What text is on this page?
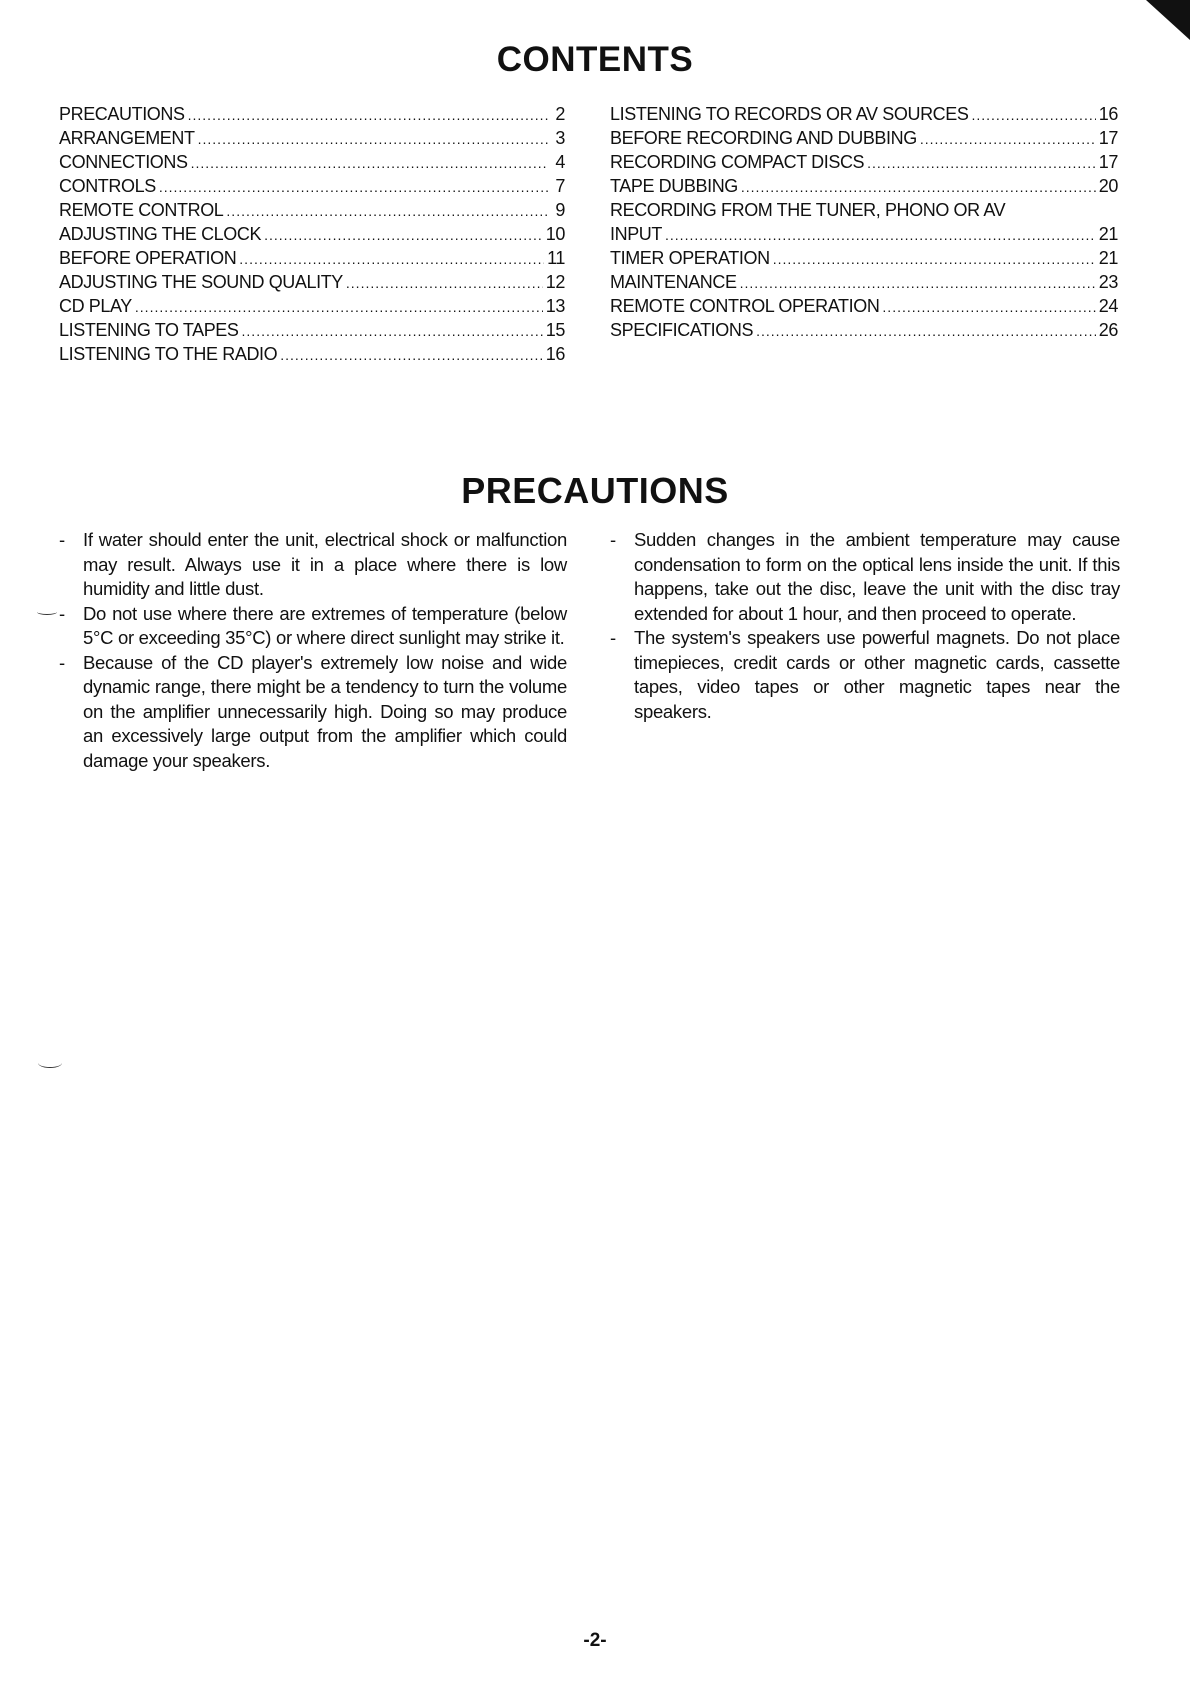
CONTENTS
PRECAUTIONS .....	2
ARRANGEMENT .....	3
CONNECTIONS .....	4
CONTROLS .....	7
REMOTE CONTROL .....	9
ADJUSTING THE CLOCK .....	10
BEFORE OPERATION .....	11
ADJUSTING THE SOUND QUALITY .....	12
CD PLAY .....	13
LISTENING TO TAPES .....	15
LISTENING TO THE RADIO .....	16
LISTENING TO RECORDS OR AV SOURCES .....	16
BEFORE RECORDING AND DUBBING .....	17
RECORDING COMPACT DISCS .....	17
TAPE DUBBING .....	20
RECORDING FROM THE TUNER, PHONO OR AV
INPUT .....	21
TIMER OPERATION .....	21
MAINTENANCE .....	23
REMOTE CONTROL OPERATION .....	24
SPECIFICATIONS .....	26
PRECAUTIONS
- If water should enter the unit, electrical shock or malfunction may result. Always use it in a place where there is low humidity and little dust.
- Do not use where there are extremes of temperature (below 5°C or exceeding 35°C) or where direct sunlight may strike it.
- Because of the CD player's extremely low noise and wide dynamic range, there might be a tendency to turn the volume on the amplifier unnecessarily high. Doing so may produce an excessively large output from the amplifier which could damage your speakers.
- Sudden changes in the ambient temperature may cause condensation to form on the optical lens inside the unit. If this happens, take out the disc, leave the unit with the disc tray extended for about 1 hour, and then proceed to operate.
- The system's speakers use powerful magnets. Do not place timepieces, credit cards or other magnetic cards, cassette tapes, video tapes or other magnetic tapes near the speakers.
-2-
